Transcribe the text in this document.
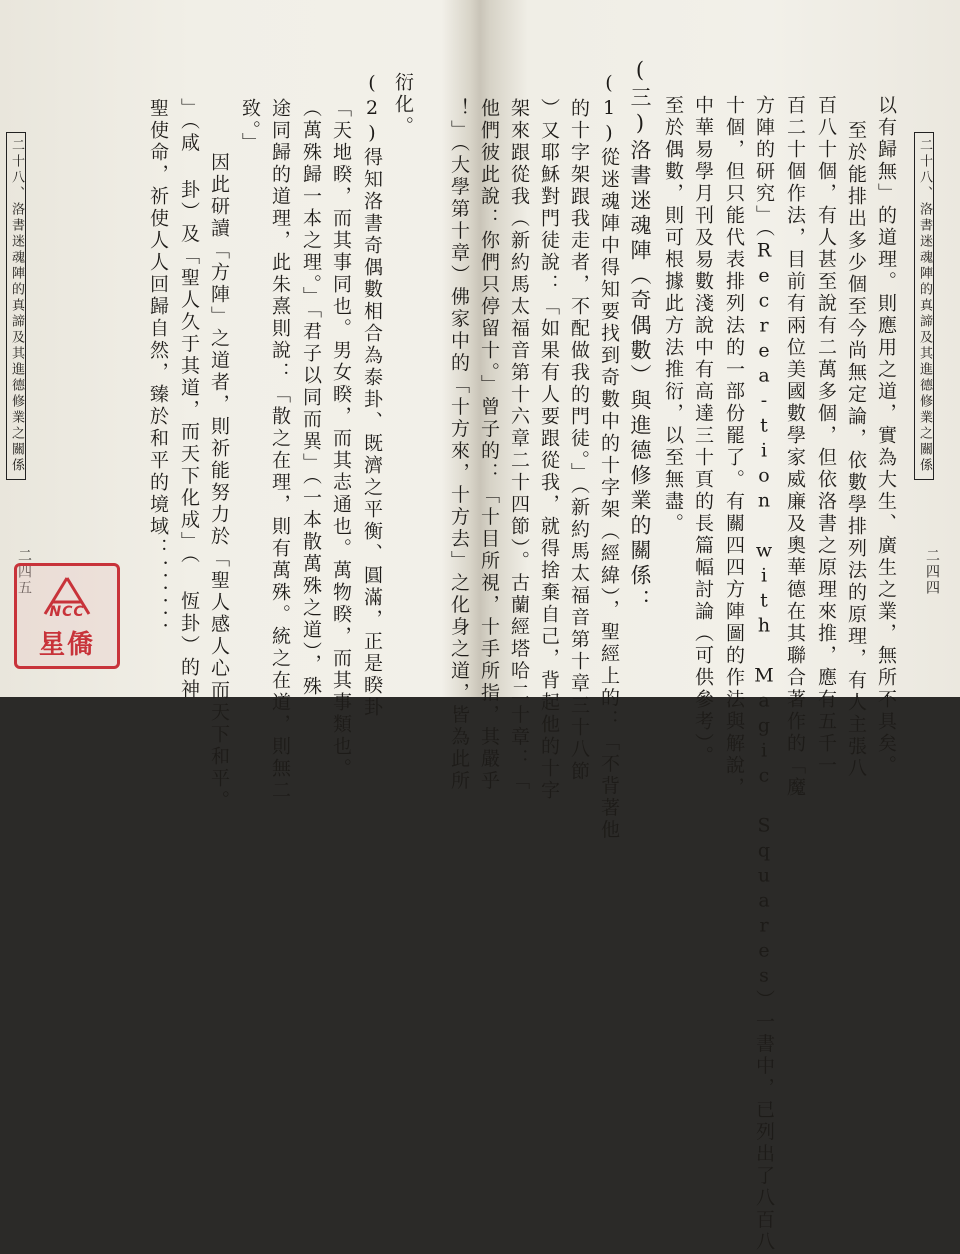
二十八、洛書迷魂陣的真諦及其進德修業之關係
二四五
衍化。
(2)得知洛書奇偶數相合為泰卦、既濟之平衡、圓滿，正是睽卦
「天地睽，而其事同也。男女睽，而其志通也。萬物睽，而其事類也。
（萬殊歸一本之理。」「君子以同而異」（一本散萬殊之道），殊
途同歸的道理，此朱熹則說：「散之在理，則有萬殊。統之在道，則無二
致。」
因此研讀「方陣」之道者，則祈能努力於「聖人感人心而天下和平。
」（咸 卦）及「聖人久于其道，而天下化成」（ 恆卦）的神
聖使命，祈使人人回歸自然，臻於和平的境域：．．．．．．	二十八、洛書迷魂陣的真諦及其進德修業之關係
二四四
以有歸無」的道理。則應用之道，實為大生、廣生之業，無所不具矣。
至於能排出多少個至今尚無定論，依數學排列法的原理，有人主張八
百八十個，有人甚至說有二萬多個，但依洛書之原理來推，應有五千一
百二十個作法，目前有兩位美國數學家威廉及奧華德在其聯合著作的「魔
方陣的研究」（Recrea-tion with Magic Squares）一書中，已列出了八百八
十個，但只能代表排列法的一部份罷了。有關四四方陣圖的作法與解說，
中華易學月刊及易數淺說中有高達三十頁的長篇幅討論（可供參考）。
至於偶數，則可根據此方法推衍，以至無盡。
(三)洛書迷魂陣（奇偶數）與進德修業的關係：
(1)從迷魂陣中得知要找到奇數中的十字架（經緯），聖經上的：「不背著他
的十字架跟我走者，不配做我的門徒。」（新約馬太福音第十章三十八節
）又耶穌對門徒說：「如果有人要跟從我，就得捨棄自己，背起他的十字
架來跟從我（新約馬太福音第十六章二十四節）。古蘭經塔哈二十章：「
他們彼此說：你們只停留十。」曾子的：「十目所視，十手所指，其嚴乎
！」（大學第十章）佛家中的「十方來，十方去」之化身之道，皆為此所
NCC
星僑
